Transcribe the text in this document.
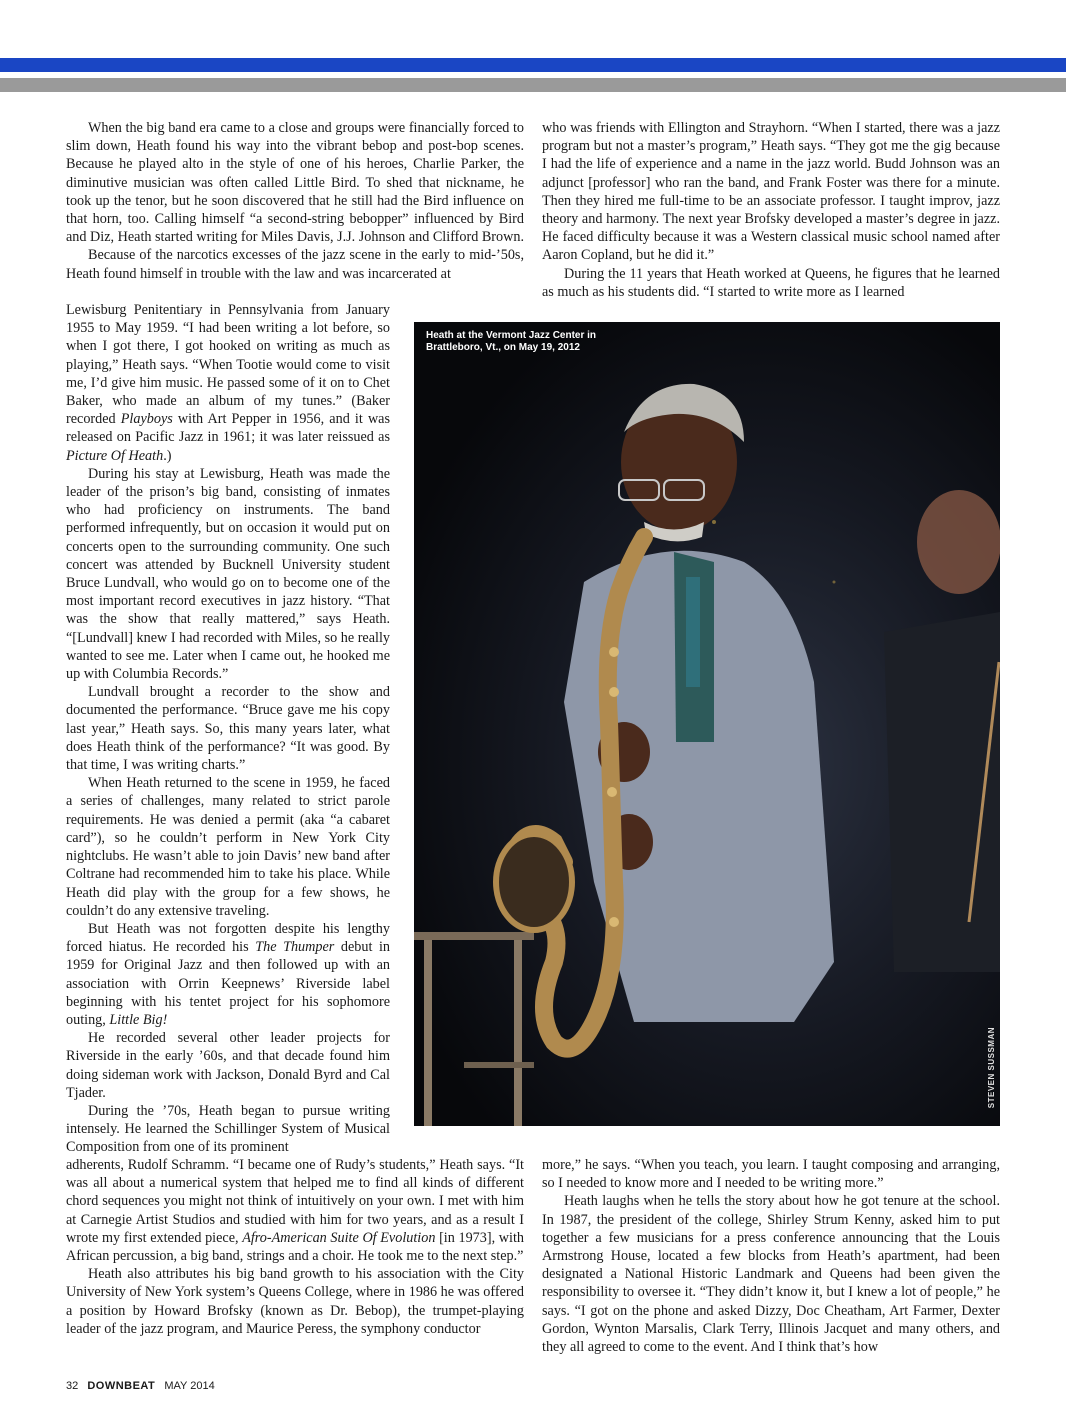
When the big band era came to a close and groups were financially forced to slim down, Heath found his way into the vibrant bebop and post-bop scenes. Because he played alto in the style of one of his heroes, Charlie Parker, the diminutive musician was often called Little Bird. To shed that nickname, he took up the tenor, but he soon discovered that he still had the Bird influence on that horn, too. Calling himself “a second-string bebopper” influenced by Bird and Diz, Heath started writing for Miles Davis, J.J. Johnson and Clifford Brown.

Because of the narcotics excesses of the jazz scene in the early to mid-’50s, Heath found himself in trouble with the law and was incarcerated at

Lewisburg Penitentiary in Pennsylvania from January 1955 to May 1959. “I had been writing a lot before, so when I got there, I got hooked on writing as much as playing,” Heath says. “When Tootie would come to visit me, I’d give him music. He passed some of it on to Chet Baker, who made an album of my tunes.” (Baker recorded Playboys with Art Pepper in 1956, and it was released on Pacific Jazz in 1961; it was later reissued as Picture Of Heath.)

During his stay at Lewisburg, Heath was made the leader of the prison’s big band, consisting of inmates who had proficiency on instruments. The band performed infrequently, but on occasion it would put on concerts open to the surrounding community. One such concert was attended by Bucknell University student Bruce Lundvall, who would go on to become one of the most important record executives in jazz history. “That was the show that really mattered,” says Heath. “[Lundvall] knew I had recorded with Miles, so he really wanted to see me. Later when I came out, he hooked me up with Columbia Records.”

Lundvall brought a recorder to the show and documented the performance. “Bruce gave me his copy last year,” Heath says. So, this many years later, what does Heath think of the performance? “It was good. By that time, I was writing charts.”

When Heath returned to the scene in 1959, he faced a series of challenges, many related to strict parole requirements. He was denied a permit (aka “a cabaret card”), so he couldn’t perform in New York City nightclubs. He wasn’t able to join Davis’ new band after Coltrane had recommended him to take his place. While Heath did play with the group for a few shows, he couldn’t do any extensive traveling.

But Heath was not forgotten despite his lengthy forced hiatus. He recorded his The Thumper debut in 1959 for Original Jazz and then followed up with an association with Orrin Keepnews’ Riverside label beginning with his tentet project for his sophomore outing, Little Big!

He recorded several other leader projects for Riverside in the early ’60s, and that decade found him doing sideman work with Jackson, Donald Byrd and Cal Tjader.

During the ’70s, Heath began to pursue writing intensely. He learned the Schillinger System of Musical Composition from one of its prominent

adherents, Rudolf Schramm. “I became one of Rudy’s students,” Heath says. “It was all about a numerical system that helped me to find all kinds of different chord sequences you might not think of intuitively on your own. I met with him at Carnegie Artist Studios and studied with him for two years, and as a result I wrote my first extended piece, Afro-American Suite Of Evolution [in 1973], with African percussion, a big band, strings and a choir. He took me to the next step.”

Heath also attributes his big band growth to his association with the City University of New York system’s Queens College, where in 1986 he was offered a position by Howard Brofsky (known as Dr. Bebop), the trumpet-playing leader of the jazz program, and Maurice Peress, the symphony conductor

who was friends with Ellington and Strayhorn. “When I started, there was a jazz program but not a master’s program,” Heath says. “They got me the gig because I had the life of experience and a name in the jazz world. Budd Johnson was an adjunct [professor] who ran the band, and Frank Foster was there for a minute. Then they hired me full-time to be an associate professor. I taught improv, jazz theory and harmony. The next year Brofsky developed a master’s degree in jazz. He faced difficulty because it was a Western classical music school named after Aaron Copland, but he did it.”

During the 11 years that Heath worked at Queens, he figures that he learned as much as his students did. “I started to write more as I learned

Heath at the Vermont Jazz Center in Brattleboro, Vt., on May 19, 2012
STEVEN SUSSMAN

more,” he says. “When you teach, you learn. I taught composing and arranging, so I needed to know more and I needed to be writing more.”

Heath laughs when he tells the story about how he got tenure at the school. In 1987, the president of the college, Shirley Strum Kenny, asked him to put together a few musicians for a press conference announcing that the Louis Armstrong House, located a few blocks from Heath’s apartment, had been designated a National Historic Landmark and Queens had been given the responsibility to oversee it. “They didn’t know it, but I knew a lot of people,” he says. “I got on the phone and asked Dizzy, Doc Cheatham, Art Farmer, Dexter Gordon, Wynton Marsalis, Clark Terry, Illinois Jacquet and many others, and they all agreed to come to the event. And I think that’s how

32 DOWNBEAT MAY 2014
